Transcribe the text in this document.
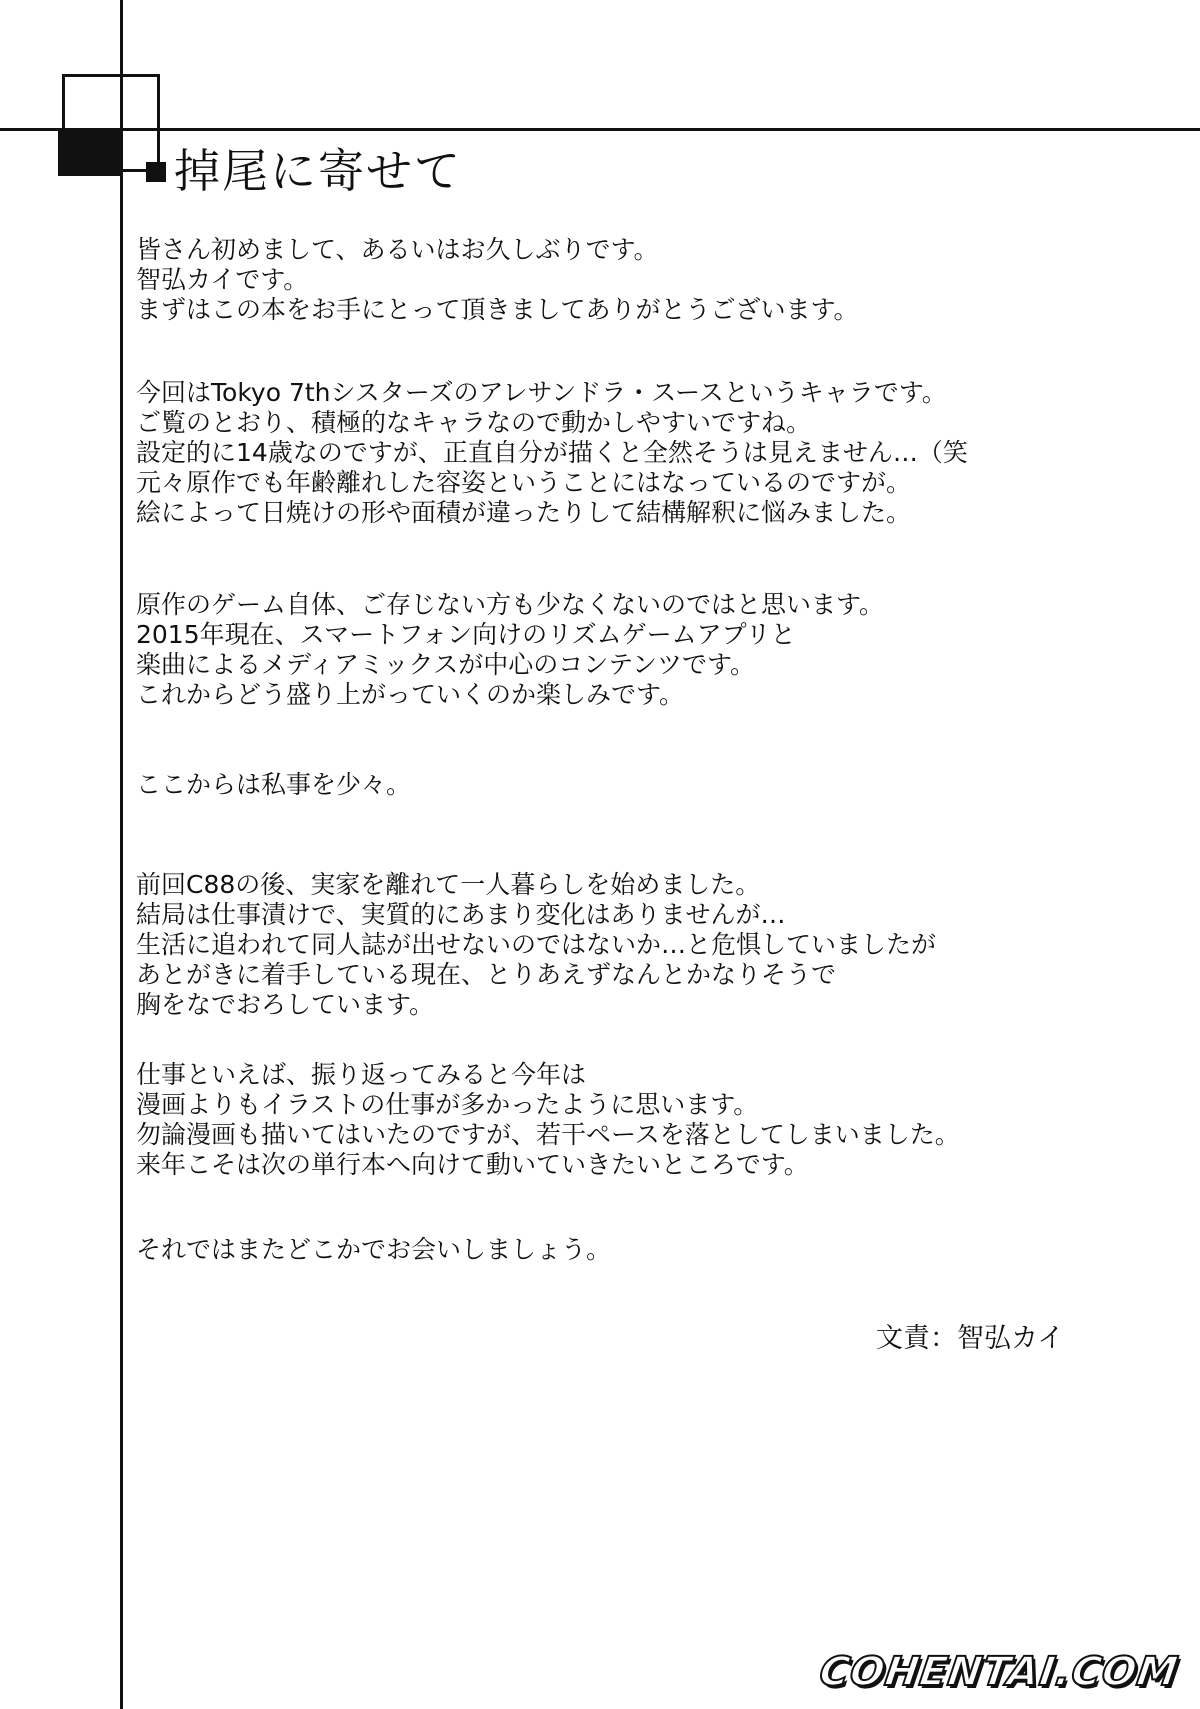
掉尾に寄せて
皆さん初めまして、あるいはお久しぶりです。
智弘カイです。
まずはこの本をお手にとって頂きましてありがとうございます。
今回はTokyo 7thシスターズのアレサンドラ・スースというキャラです。
ご覧のとおり、積極的なキャラなので動かしやすいですね。
設定的に14歳なのですが、正直自分が描くと全然そうは見えません…（笑
元々原作でも年齢離れした容姿ということにはなっているのですが。
絵によって日焼けの形や面積が違ったりして結構解釈に悩みました。
原作のゲーム自体、ご存じない方も少なくないのではと思います。
2015年現在、スマートフォン向けのリズムゲームアプリと
楽曲によるメディアミックスが中心のコンテンツです。
これからどう盛り上がっていくのか楽しみです。
ここからは私事を少々。
前回C88の後、実家を離れて一人暮らしを始めました。
結局は仕事漬けで、実質的にあまり変化はありませんが…
生活に追われて同人誌が出せないのではないか…と危惧していましたが
あとがきに着手している現在、とりあえずなんとかなりそうで
胸をなでおろしています。
仕事といえば、振り返ってみると今年は
漫画よりもイラストの仕事が多かったように思います。
勿論漫画も描いてはいたのですが、若干ペースを落としてしまいました。
来年こそは次の単行本へ向けて動いていきたいところです。
それではまたどこかでお会いしましょう。
文責：智弘カイ
COHENTAI.COM
